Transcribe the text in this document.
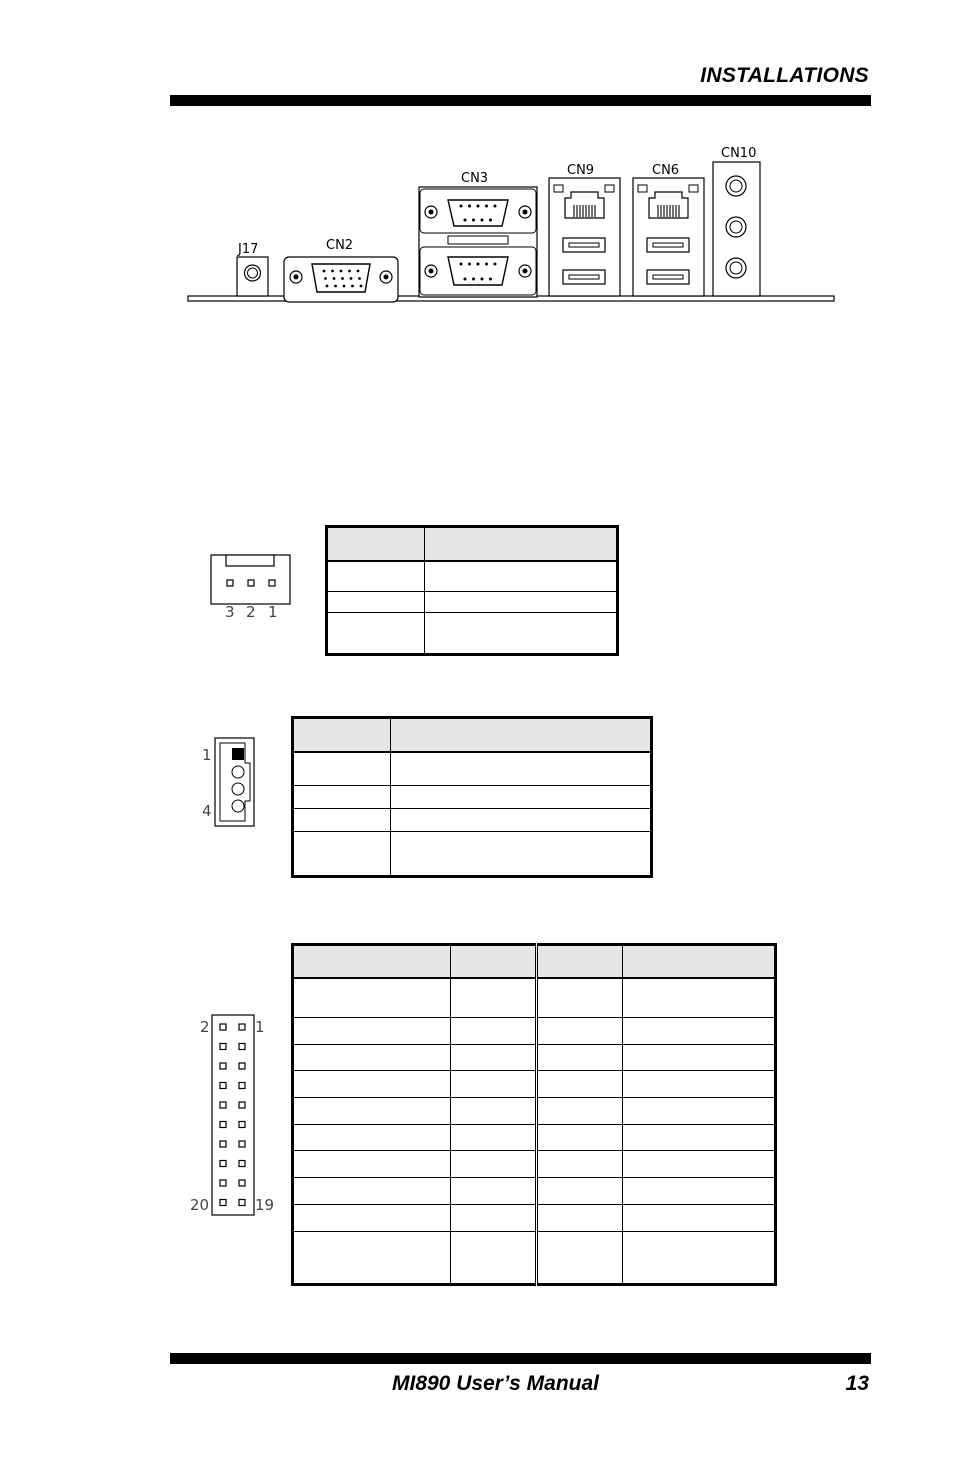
INSTALLATIONS
J17	CN2
CN3
CN9	CN6
CN10
3 2 1

1
4

2	1
20	19

MI890 User’s Manual	13
